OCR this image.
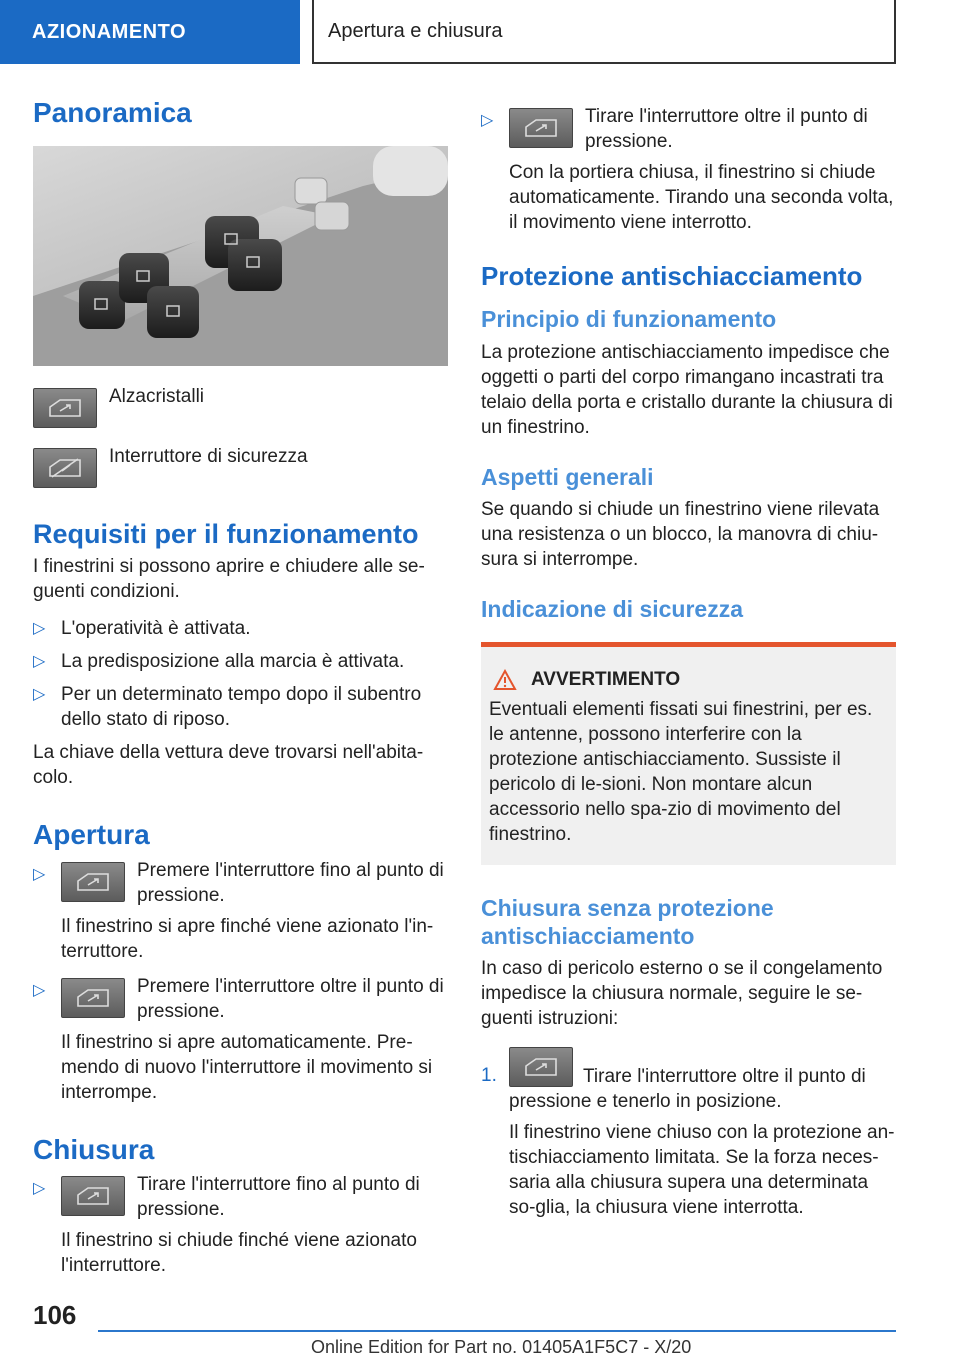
AZIONAMENTO	Apertura e chiusura
Panoramica
Alzacristalli
Interruttore di sicurezza
Requisiti per il funzionamento

I finestrini si possono aprire e chiudere alle se-guenti condizioni.

▷ L'operatività è attivata.
▷ La predisposizione alla marcia è attivata.
▷ Per un determinato tempo dopo il subentro dello stato di riposo.

La chiave della vettura deve trovarsi nell'abita-colo.

Apertura
▷	Premere l'interruttore fino al punto di pressione.

Il finestrino si apre finché viene azionato l'in-terruttore.

▷	Premere l'interruttore oltre il punto di pressione.

Il finestrino si apre automaticamente. Pre-mendo di nuovo l'interruttore il movimento si interrompe.

Chiusura
▷	Tirare l'interruttore fino al punto di pressione.

Il finestrino si chiude finché viene azionato l'interruttore.

▷	Tirare l'interruttore oltre il punto di pressione.

Con la portiera chiusa, il finestrino si chiude automaticamente. Tirando una seconda volta, il movimento viene interrotto.

Protezione antischiacciamento
Principio di funzionamento

La protezione antischiacciamento impedisce che oggetti o parti del corpo rimangano incastrati tra telaio della porta e cristallo durante la chiusura di un finestrino.

Aspetti generali

Se quando si chiude un finestrino viene rilevata una resistenza o un blocco, la manovra di chiu-sura si interrompe.

Indicazione di sicurezza
AVVERTIMENTO

Eventuali elementi fissati sui finestrini, per es. le antenne, possono interferire con la protezione antischiacciamento. Sussiste il pericolo di le-sioni. Non montare alcun accessorio nello spa-zio di movimento del finestrino.

Chiusura senza protezione antischiacciamento

In caso di pericolo esterno o se il congelamento impedisce la chiusura normale, seguire le se-guenti istruzioni:

1.	Tirare l'interruttore oltre il punto di pressione e tenerlo in posizione.

Il finestrino viene chiuso con la protezione an-tischiacciamento limitata. Se la forza neces-saria alla chiusura supera una determinata so-glia, la chiusura viene interrotta.

106
Online Edition for Part no. 01405A1F5C7 - X/20
